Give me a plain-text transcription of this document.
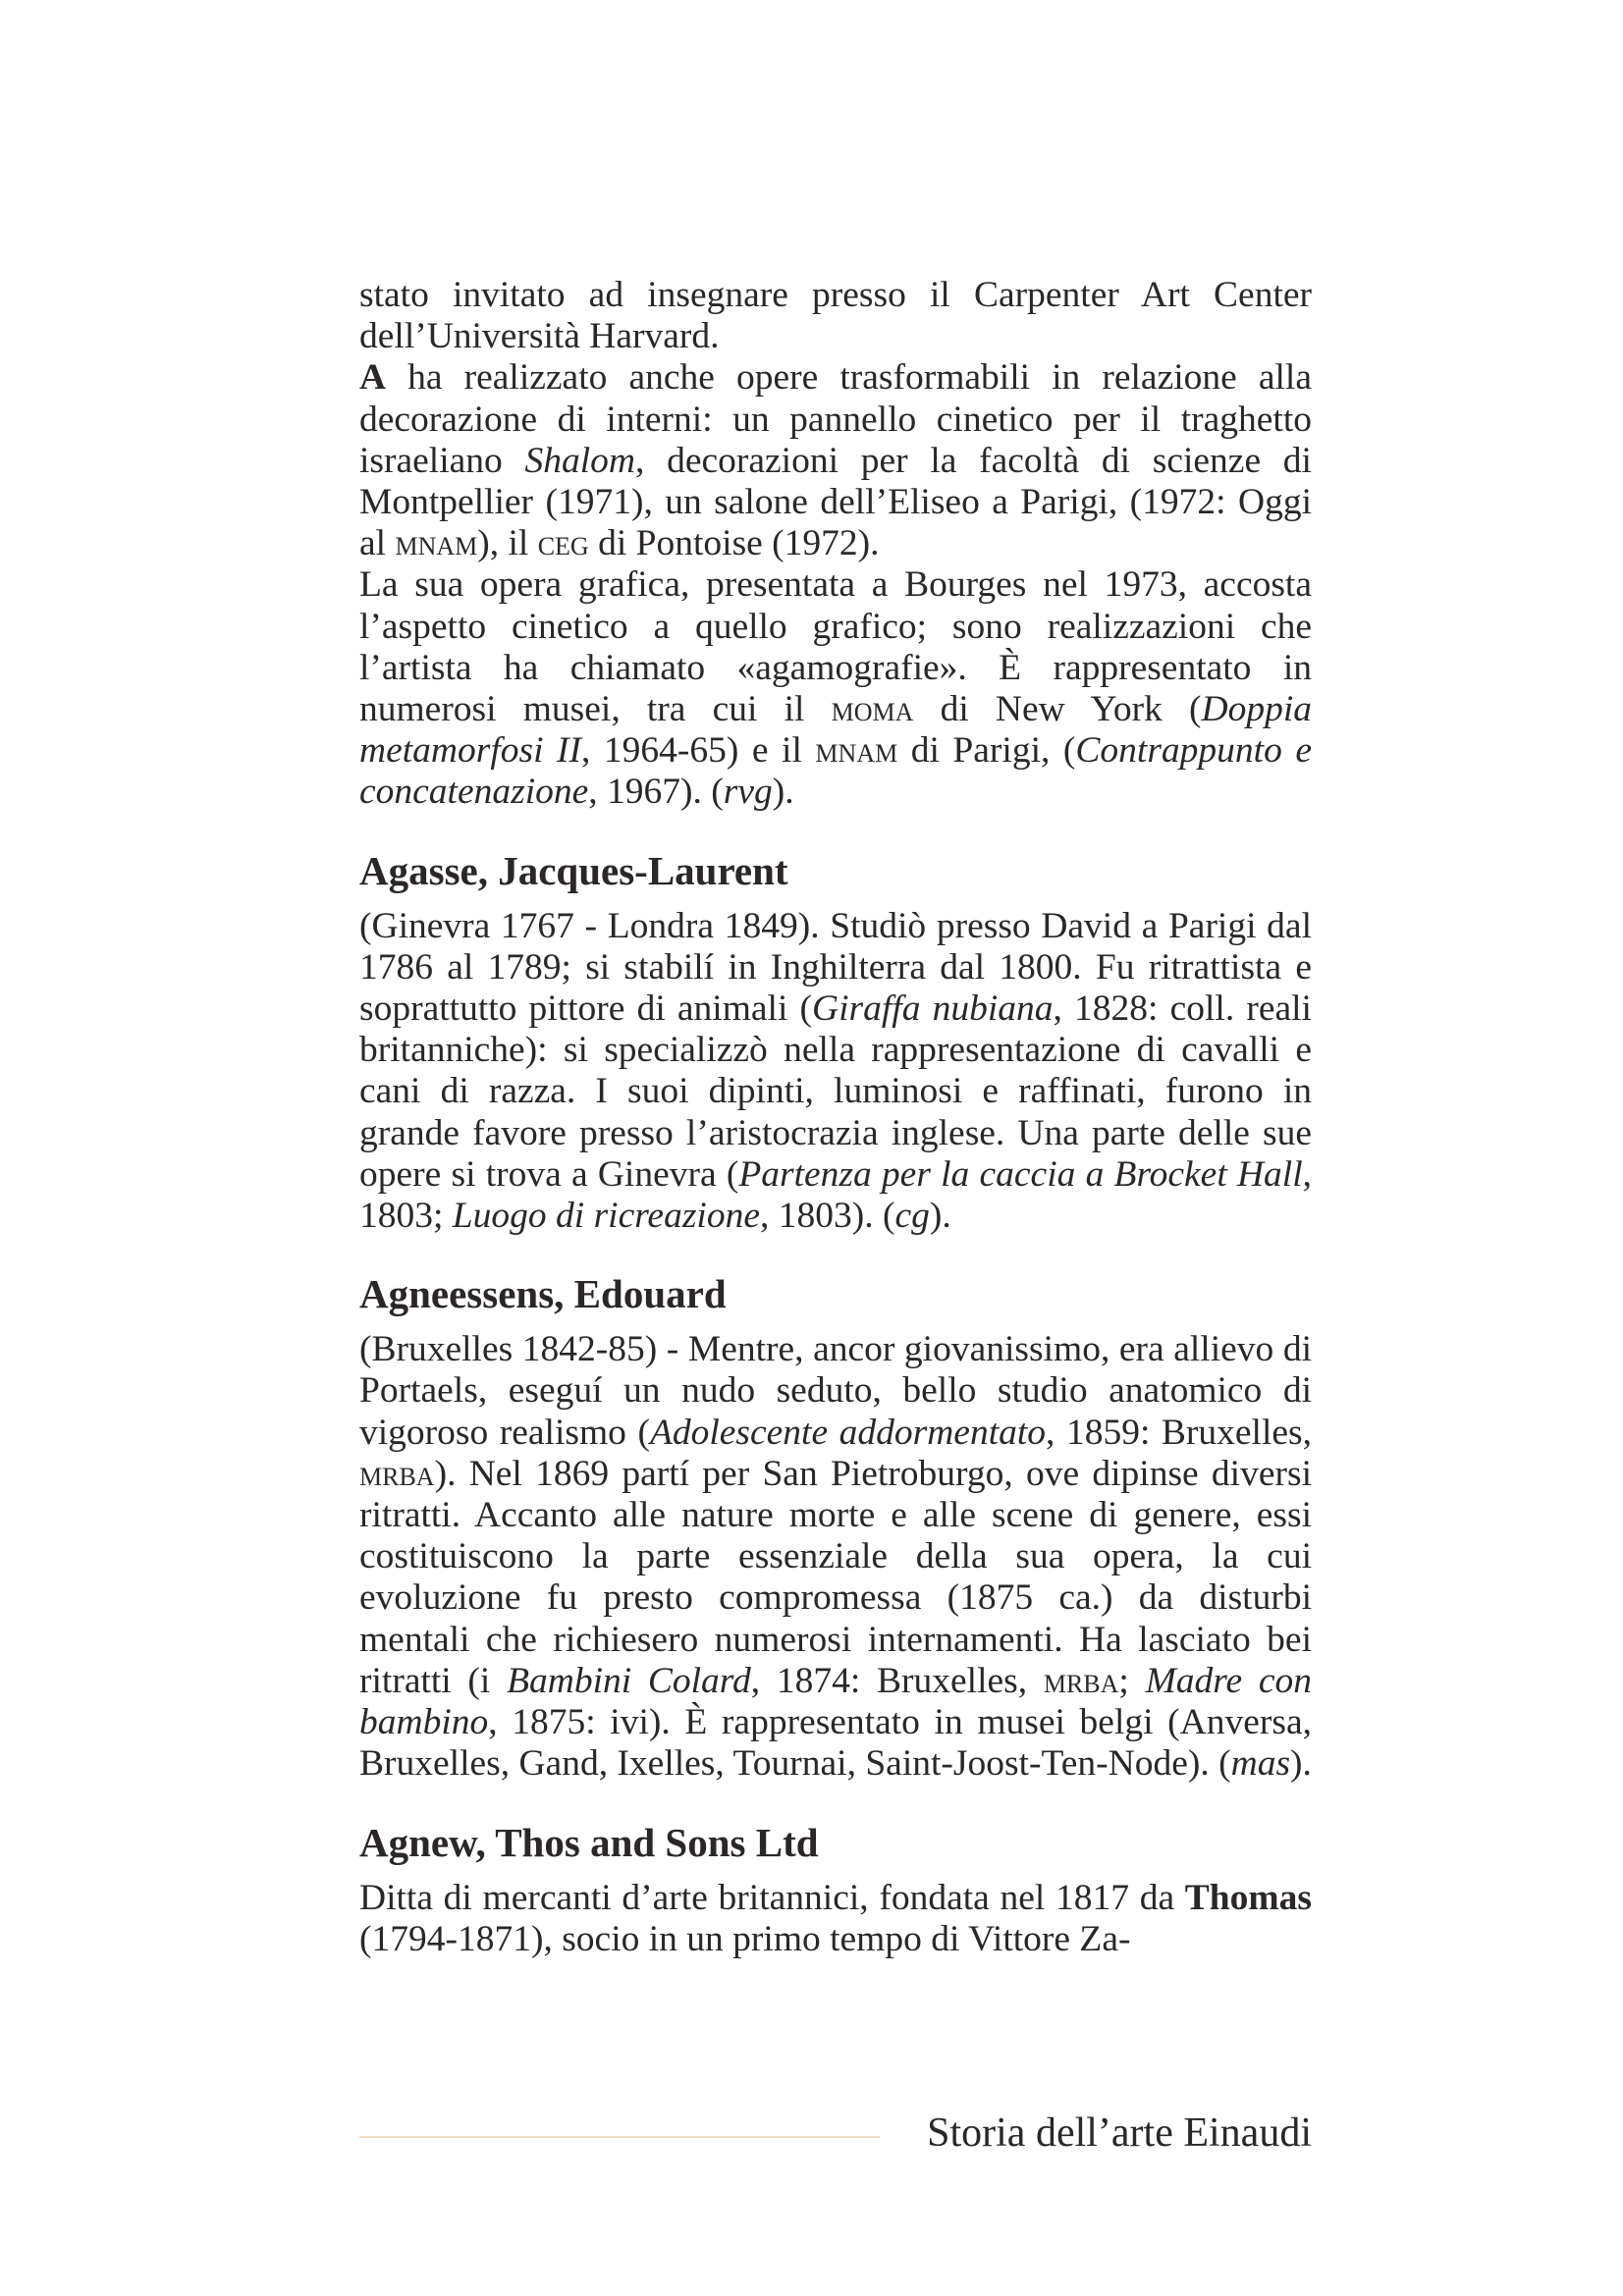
stato invitato ad insegnare presso il Carpenter Art Center dell’Università Harvard.

A ha realizzato anche opere trasformabili in relazione alla decorazione di interni: un pannello cinetico per il traghetto israeliano Shalom, decorazioni per la facoltà di scienze di Montpellier (1971), un salone dell’Eliseo a Parigi, (1972: Oggi al mnam), il ceg di Pontoise (1972).

La sua opera grafica, presentata a Bourges nel 1973, accosta l’aspetto cinetico a quello grafico; sono realizzazioni che l’artista ha chiamato «agamografie». È rappresentato in numerosi musei, tra cui il moma di New York (Doppia metamorfosi II, 1964-65) e il mnam di Parigi, (Contrappunto e concatenazione, 1967). (rvg).

Agasse, Jacques-Laurent

(Ginevra 1767 - Londra 1849). Studiò presso David a Parigi dal 1786 al 1789; si stabilí in Inghilterra dal 1800. Fu ritrattista e soprattutto pittore di animali (Giraffa nubiana, 1828: coll. reali britanniche): si specializzò nella rappresentazione di cavalli e cani di razza. I suoi dipinti, luminosi e raffinati, furono in grande favore presso l’aristocrazia inglese. Una parte delle sue opere si trova a Ginevra (Partenza per la caccia a Brocket Hall, 1803; Luogo di ricreazione, 1803). (cg).

Agneessens, Edouard

(Bruxelles 1842-85) - Mentre, ancor giovanissimo, era allievo di Portaels, eseguí un nudo seduto, bello studio anatomico di vigoroso realismo (Adolescente addormentato, 1859: Bruxelles, mrba). Nel 1869 partí per San Pietroburgo, ove dipinse diversi ritratti. Accanto alle nature morte e alle scene di genere, essi costituiscono la parte essenziale della sua opera, la cui evoluzione fu presto compromessa (1875 ca.) da disturbi mentali che richiesero numerosi internamenti. Ha lasciato bei ritratti (i Bambini Colard, 1874: Bruxelles, mrba; Madre con bambino, 1875: ivi). È rappresentato in musei belgi (Anversa, Bruxelles, Gand, Ixelles, Tournai, Saint-Joost-Ten-Node). (mas).

Agnew, Thos and Sons Ltd

Ditta di mercanti d’arte britannici, fondata nel 1817 da Thomas (1794-1871), socio in un primo tempo di Vittore Za-

Storia dell’arte Einaudi
